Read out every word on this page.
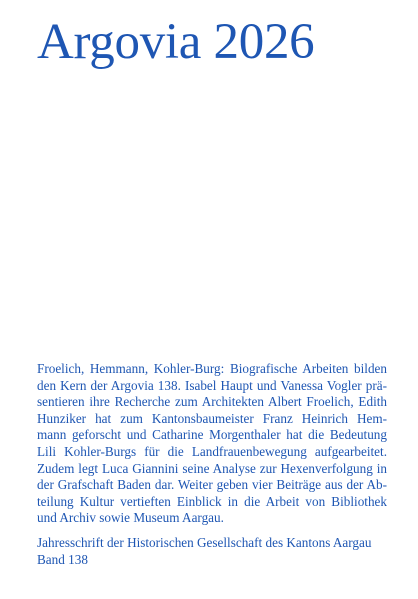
Argovia 2026

Froelich, Hemmann, Kohler-Burg: Biografische Arbeiten bilden
den Kern der Argovia 138. Isabel Haupt und Vanessa Vogler prä-
sentieren ihre Recherche zum Architekten Albert Froelich, Edith
Hunziker hat zum Kantonsbaumeister Franz Heinrich Hem-
mann geforscht und Catharine Morgenthaler hat die Bedeutung
Lili Kohler-Burgs für die Landfrauenbewegung aufgearbeitet.
Zudem legt Luca Giannini seine Analyse zur Hexenverfolgung in
der Grafschaft Baden dar. Weiter geben vier Beiträge aus der Ab-
teilung Kultur vertieften Einblick in die Arbeit von Bibliothek
und Archiv sowie Museum Aargau.

Jahresschrift der Historischen Gesellschaft des Kantons Aargau
Band 138
